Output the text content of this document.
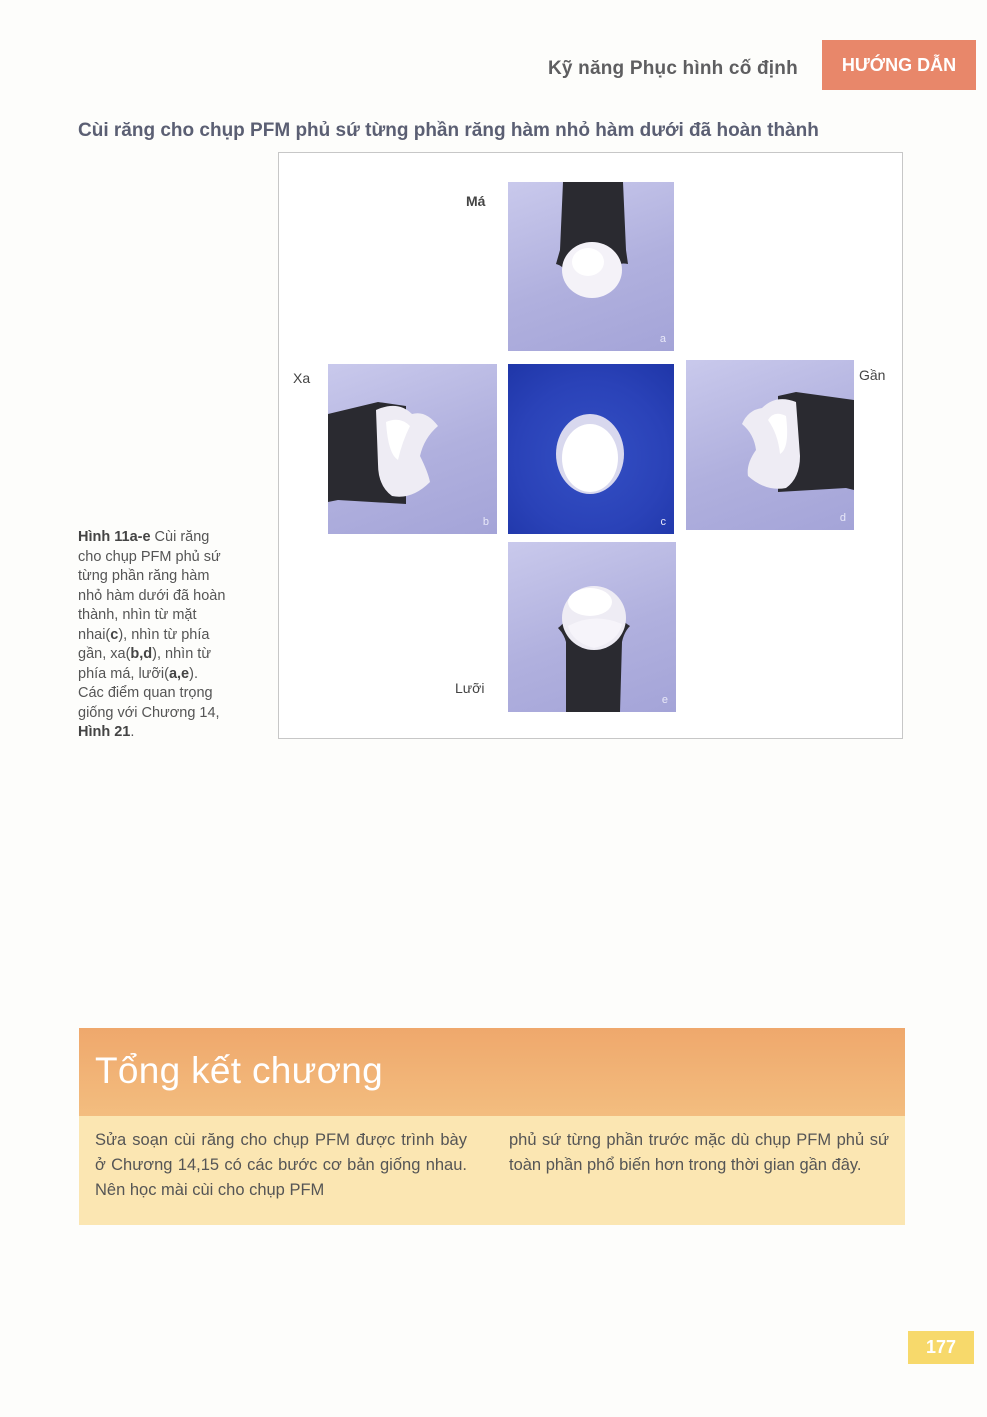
Kỹ năng Phục hình cố định	HƯỚNG DẪN
Cùi răng cho chụp PFM phủ sứ từng phần răng hàm nhỏ hàm dưới đã hoàn thành
Má
Xa	Gần
Lưỡi
a
b	c	d
e
Hình 11a-e Cùi răng
cho chụp PFM phủ sứ
từng phần răng hàm
nhỏ hàm dưới đã hoàn
thành, nhìn từ mặt
nhai(c), nhìn từ phía
gần, xa(b,d), nhìn từ
phía má, lưỡi(a,e).
Các điểm quan trọng
giống với Chương 14,
Hình 21.
Tổng kết chương
Sửa soạn cùi răng cho chụp PFM được trình bày ở Chương 14,15 có các bước cơ bản giống nhau. Nên học mài cùi cho chụp PFM
phủ sứ từng phần trước mặc dù chụp PFM phủ sứ toàn phần phổ biến hơn trong thời gian gần đây.
177
